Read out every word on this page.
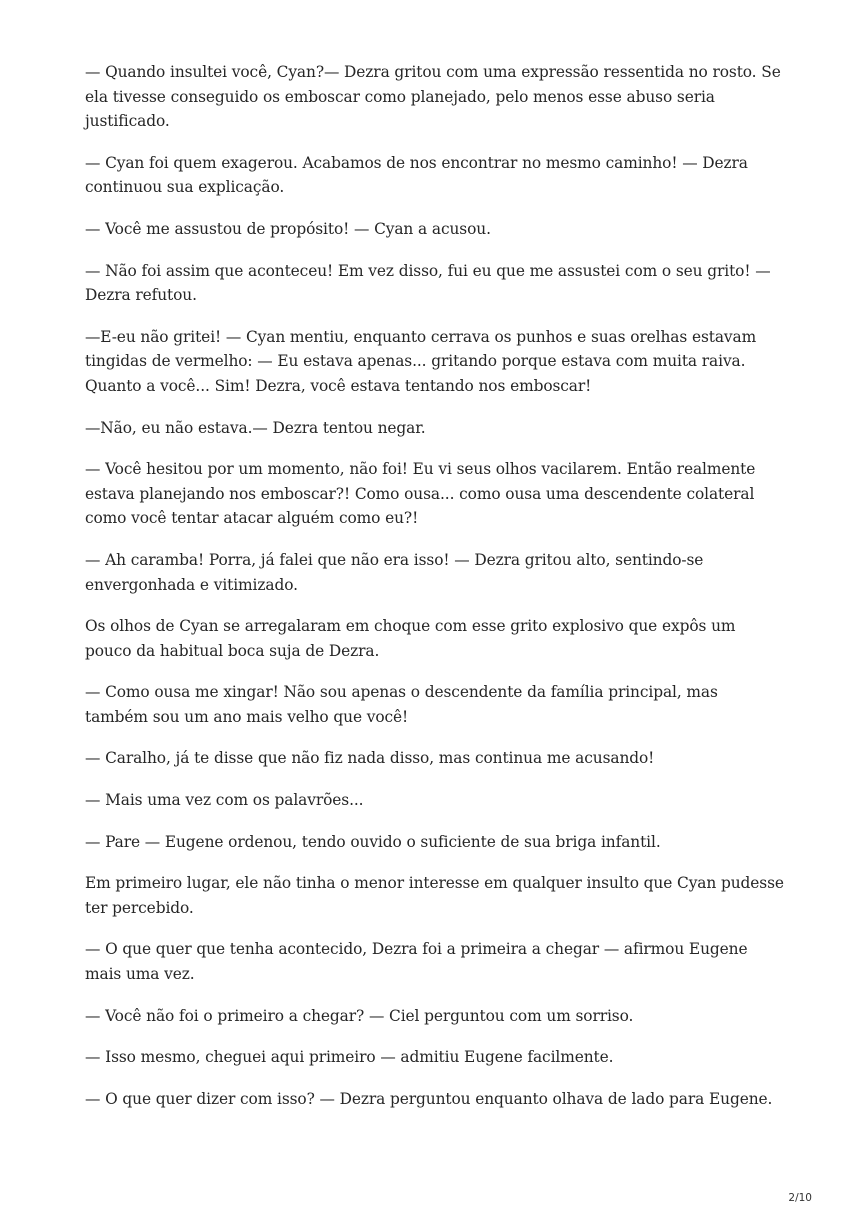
— Quando insultei você, Cyan?— Dezra gritou com uma expressão ressentida no rosto. Se ela tivesse conseguido os emboscar como planejado, pelo menos esse abuso seria justificado.

— Cyan foi quem exagerou. Acabamos de nos encontrar no mesmo caminho! — Dezra continuou sua explicação.

— Você me assustou de propósito! — Cyan a acusou.

— Não foi assim que aconteceu! Em vez disso, fui eu que me assustei com o seu grito! — Dezra refutou.

—E-eu não gritei! — Cyan mentiu, enquanto cerrava os punhos e suas orelhas estavam tingidas de vermelho: — Eu estava apenas... gritando porque estava com muita raiva. Quanto a você... Sim! Dezra, você estava tentando nos emboscar!

—Não, eu não estava.— Dezra tentou negar.

— Você hesitou por um momento, não foi! Eu vi seus olhos vacilarem. Então realmente estava planejando nos emboscar?! Como ousa... como ousa uma descendente colateral como você tentar atacar alguém como eu?!

— Ah caramba! Porra, já falei que não era isso! — Dezra gritou alto, sentindo-se envergonhada e vitimizado.

Os olhos de Cyan se arregalaram em choque com esse grito explosivo que expôs um pouco da habitual boca suja de Dezra.

— Como ousa me xingar! Não sou apenas o descendente da família principal, mas também sou um ano mais velho que você!

— Caralho, já te disse que não fiz nada disso, mas continua me acusando!

— Mais uma vez com os palavrões...

— Pare — Eugene ordenou, tendo ouvido o suficiente de sua briga infantil.

Em primeiro lugar, ele não tinha o menor interesse em qualquer insulto que Cyan pudesse ter percebido.

— O que quer que tenha acontecido, Dezra foi a primeira a chegar — afirmou Eugene mais uma vez.

— Você não foi o primeiro a chegar? — Ciel perguntou com um sorriso.

— Isso mesmo, cheguei aqui primeiro — admitiu Eugene facilmente.

— O que quer dizer com isso? — Dezra perguntou enquanto olhava de lado para Eugene.

2/10
